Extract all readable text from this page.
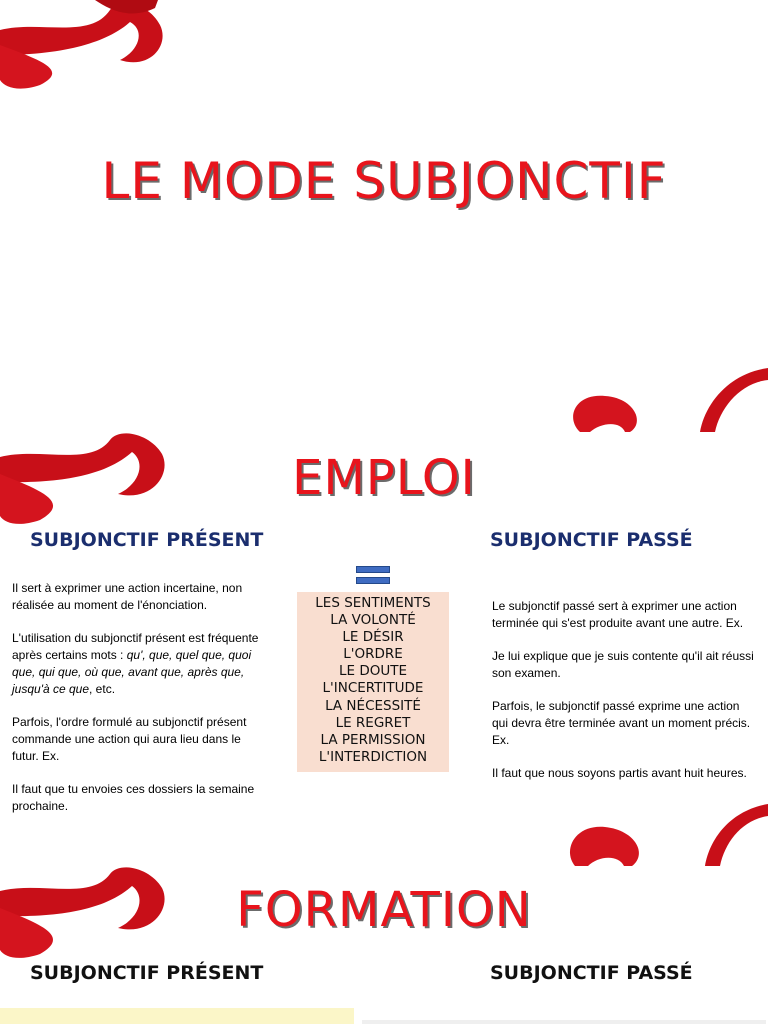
LE MODE SUBJONCTIF
EMPLOI
SUBJONCTIF PRÉSENT

Il sert à exprimer une action incertaine, non réalisée au moment de l'énonciation.

L'utilisation du subjonctif présent est fréquente après certains mots : qu', que, quel que, quoi que, qui que, où que, avant que, après que, jusqu'à ce que, etc.

Parfois, l'ordre formulé au subjonctif présent commande une action qui aura lieu dans le futur. Ex.

Il faut que tu envoies ces dossiers la semaine prochaine.

LES SENTIMENTS
LA VOLONTÉ
LE DÉSIR
L'ORDRE
LE DOUTE
L'INCERTITUDE
LA NÉCESSITÉ
LE REGRET
LA PERMISSION
L'INTERDICTION
SUBJONCTIF PASSÉ

Le subjonctif passé sert à exprimer une action terminée qui s'est produite avant une autre. Ex.

Je lui explique que je suis contente qu'il ait réussi son examen.

Parfois, le subjonctif passé exprime une action qui devra être terminée avant un moment précis. Ex.

Il faut que nous soyons partis avant huit heures.

FORMATION
SUBJONCTIF PRÉSENT	SUBJONCTIF PASSÉ
